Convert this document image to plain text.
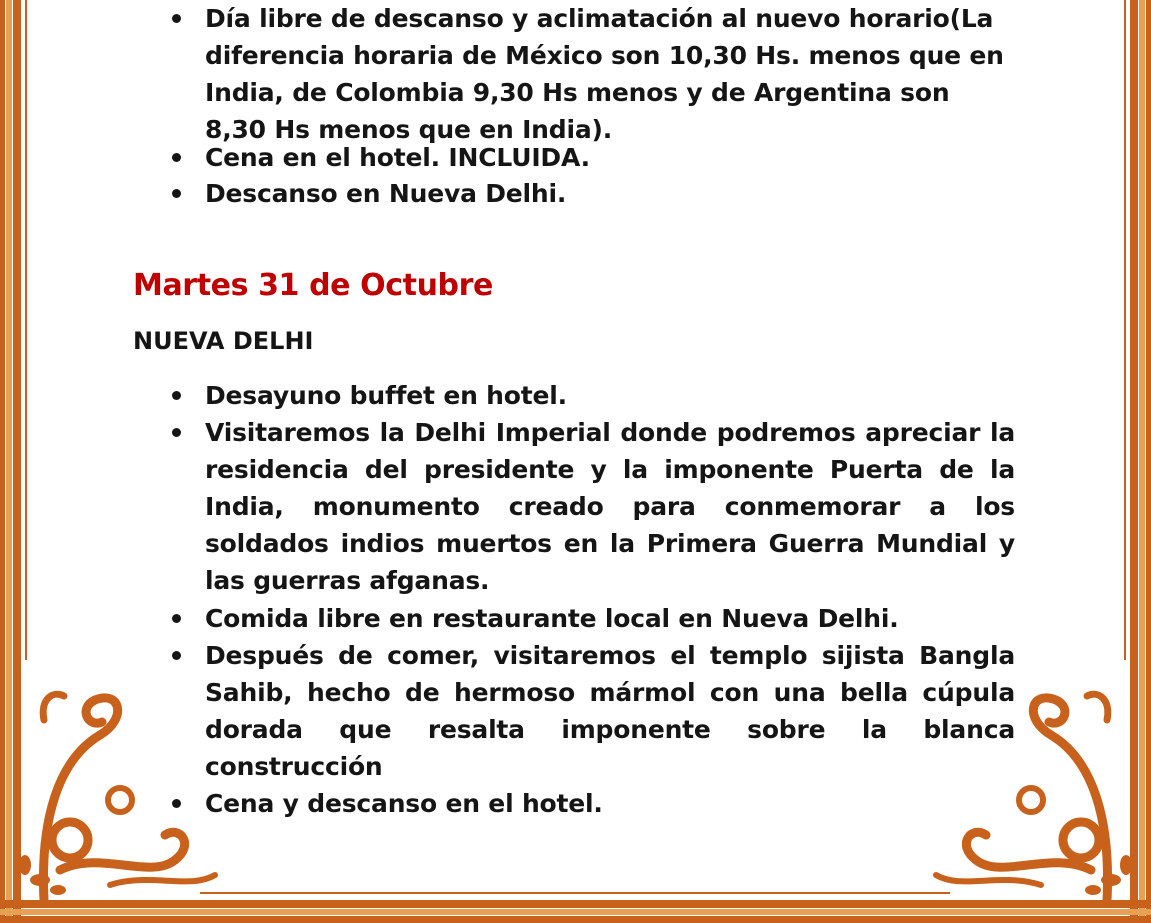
Día libre de descanso y aclimatación al nuevo horario(La diferencia horaria de México son 10,30 Hs. menos que en India, de Colombia 9,30 Hs menos y de Argentina son 8,30 Hs menos que en India).
Cena en el hotel. INCLUIDA.
Descanso en Nueva Delhi.
Martes 31 de Octubre
NUEVA DELHI
Desayuno buffet en hotel.
Visitaremos la Delhi Imperial donde podremos apreciar la residencia del presidente y la imponente Puerta de la India, monumento creado para conmemorar a los soldados indios muertos en la Primera Guerra Mundial y las guerras afganas.
Comida libre en restaurante local en Nueva Delhi.
Después de comer, visitaremos el templo sijista Bangla Sahib, hecho de hermoso mármol con una bella cúpula dorada que resalta imponente sobre la blanca construcción
Cena y descanso en el hotel.
